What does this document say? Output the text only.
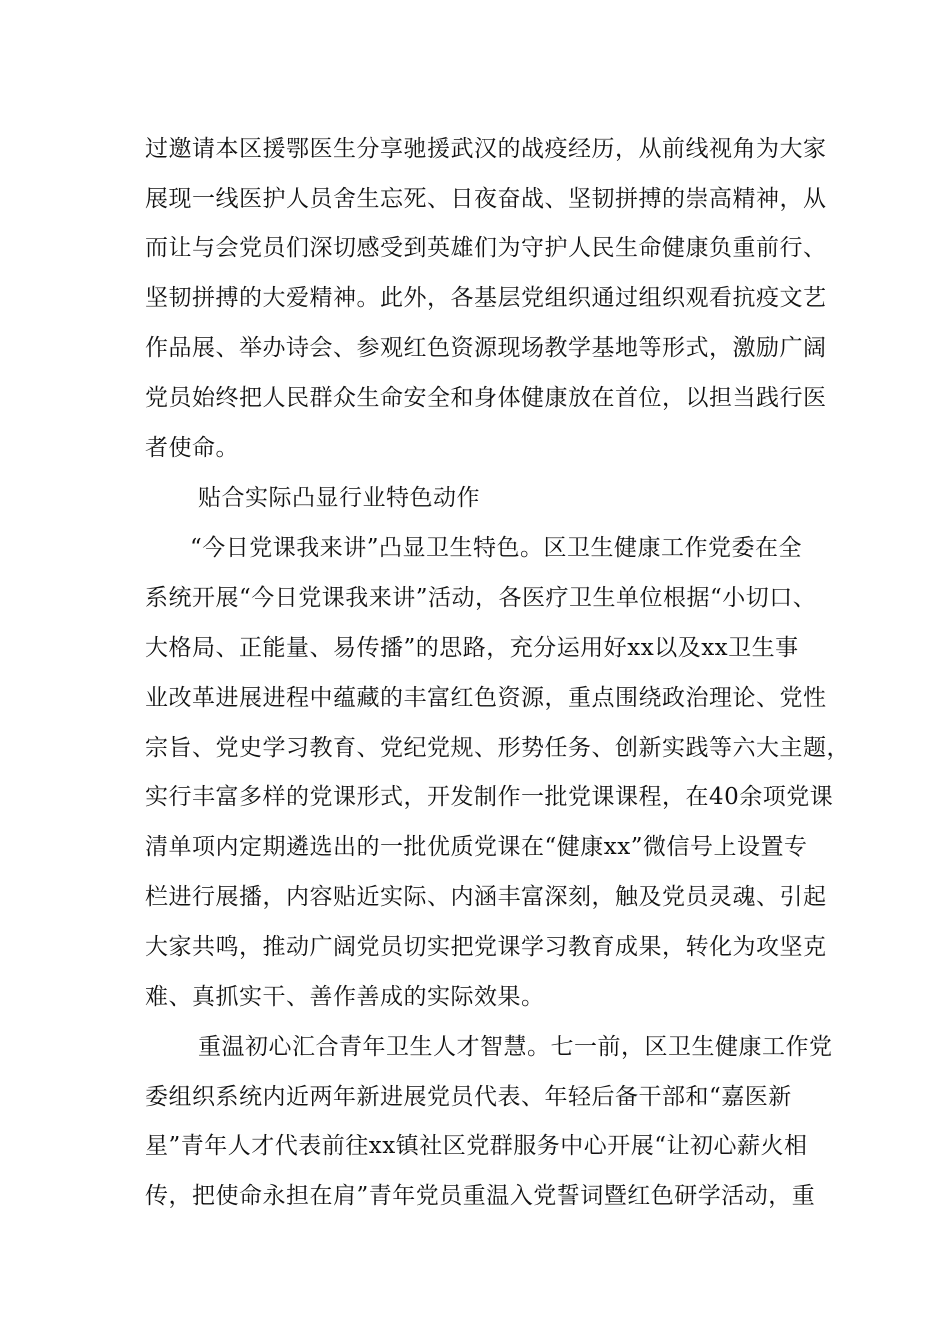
过邀请本区援鄂医生分享驰援武汉的战疫经历，从前线视角为大家
展现一线医护人员舍生忘死、日夜奋战、坚韧拼搏的崇高精神，从
而让与会党员们深切感受到英雄们为守护人民生命健康负重前行、
坚韧拼搏的大爱精神。此外，各基层党组织通过组织观看抗疫文艺
作品展、举办诗会、参观红色资源现场教学基地等形式，激励广阔
党员始终把人民群众生命安全和身体健康放在首位，以担当践行医
者使命。
贴合实际凸显行业特色动作
“今日党课我来讲”凸显卫生特色。区卫生健康工作党委在全
系统开展“今日党课我来讲”活动，各医疗卫生单位根据“小切口、
大格局、正能量、易传播”的思路，充分运用好xx以及xx卫生事
业改革进展进程中蕴藏的丰富红色资源，重点围绕政治理论、党性
宗旨、党史学习教育、党纪党规、形势任务、创新实践等六大主题，
实行丰富多样的党课形式，开发制作一批党课课程，在40余项党课
清单项内定期遴选出的一批优质党课在“健康xx”微信号上设置专
栏进行展播，内容贴近实际、内涵丰富深刻，触及党员灵魂、引起
大家共鸣，推动广阔党员切实把党课学习教育成果，转化为攻坚克
难、真抓实干、善作善成的实际效果。
重温初心汇合青年卫生人才智慧。七一前，区卫生健康工作党
委组织系统内近两年新进展党员代表、年轻后备干部和“嘉医新
星”青年人才代表前往xx镇社区党群服务中心开展“让初心薪火相
传，把使命永担在肩”青年党员重温入党誓词暨红色研学活动，重
